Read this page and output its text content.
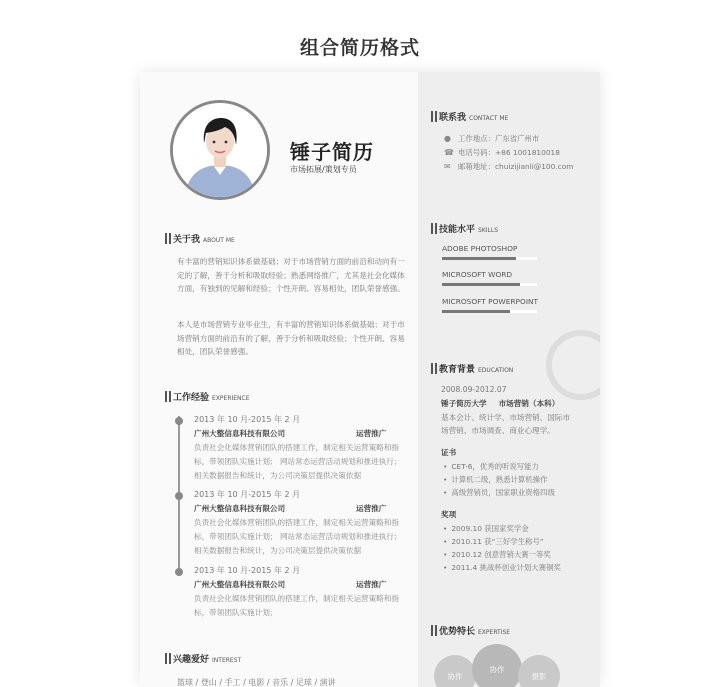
组合简历格式
锤子简历
市场拓展/策划专员
关于我 ABOUT ME
有丰富的营销知识体系做基础；对于市场营销方面的前沿和动向有一定的了解，善于分析和吸取经验；熟悉网络推广，尤其是社会化媒体方面，有独到的见解和经验；个性开朗、容易相处，团队荣誉感强。
本人是市场营销专业毕业生，有丰富的营销知识体系做基础；对于市场营销方面的前沿有的了解，善于分析和吸取经验；个性开朗、容易相处，团队荣誉感强。
工作经验 EXPERIENCE
2013 年 10 月-2015 年 2 月
广州大整信息科技有限公司	运营推广
负责社会化媒体营销团队的搭建工作，制定相关运营策略和指标，带领团队实施计划； 网站常态运营活动规划和推进执行；相关数据报告和统计，为公司决策层提供决策依据
2013 年 10 月-2015 年 2 月
广州大整信息科技有限公司	运营推广
负责社会化媒体营销团队的搭建工作，制定相关运营策略和指标，带领团队实施计划； 网站常态运营活动规划和推进执行；相关数据报告和统计，为公司决策层提供决策依据
2013 年 10 月-2015 年 2 月
广州大整信息科技有限公司	运营推广
负责社会化媒体营销团队的搭建工作，制定相关运营策略和指标，带领团队实施计划；
兴趣爱好 INTEREST
篮球 / 登山 / 手工 / 电影 / 音乐 / 足球 / 演讲
联系我 CONTACT ME
● 工作地点：广东省广州市
☎ 电话号码：+86 1001810018
✉ 邮箱地址：chuizijianli@100.com
技能水平 SKILLS
ADOBE PHOTOSHOP
MICROSOFT WORD
MICROSOFT POWERPOINT
教育背景 EDUCATION
2008.09-2012.07
锤子简历大学 市场营销（本科）
基本会计、统计学、市场营销、国际市场营销、市场调查、商业心理学。
证书
• CET-6，优秀的听说写能力
• 计算机二级，熟悉计算机操作
• 高级营销员，国家职业资格四级
奖项
• 2009.10 获国家奖学金
• 2010.11 获“三好学生称号”
• 2010.12 创意营销大赛一等奖
• 2011.4 挑战杯创业计划大赛铜奖
优势特长 EXPERTISE
协作
协作
摄影
